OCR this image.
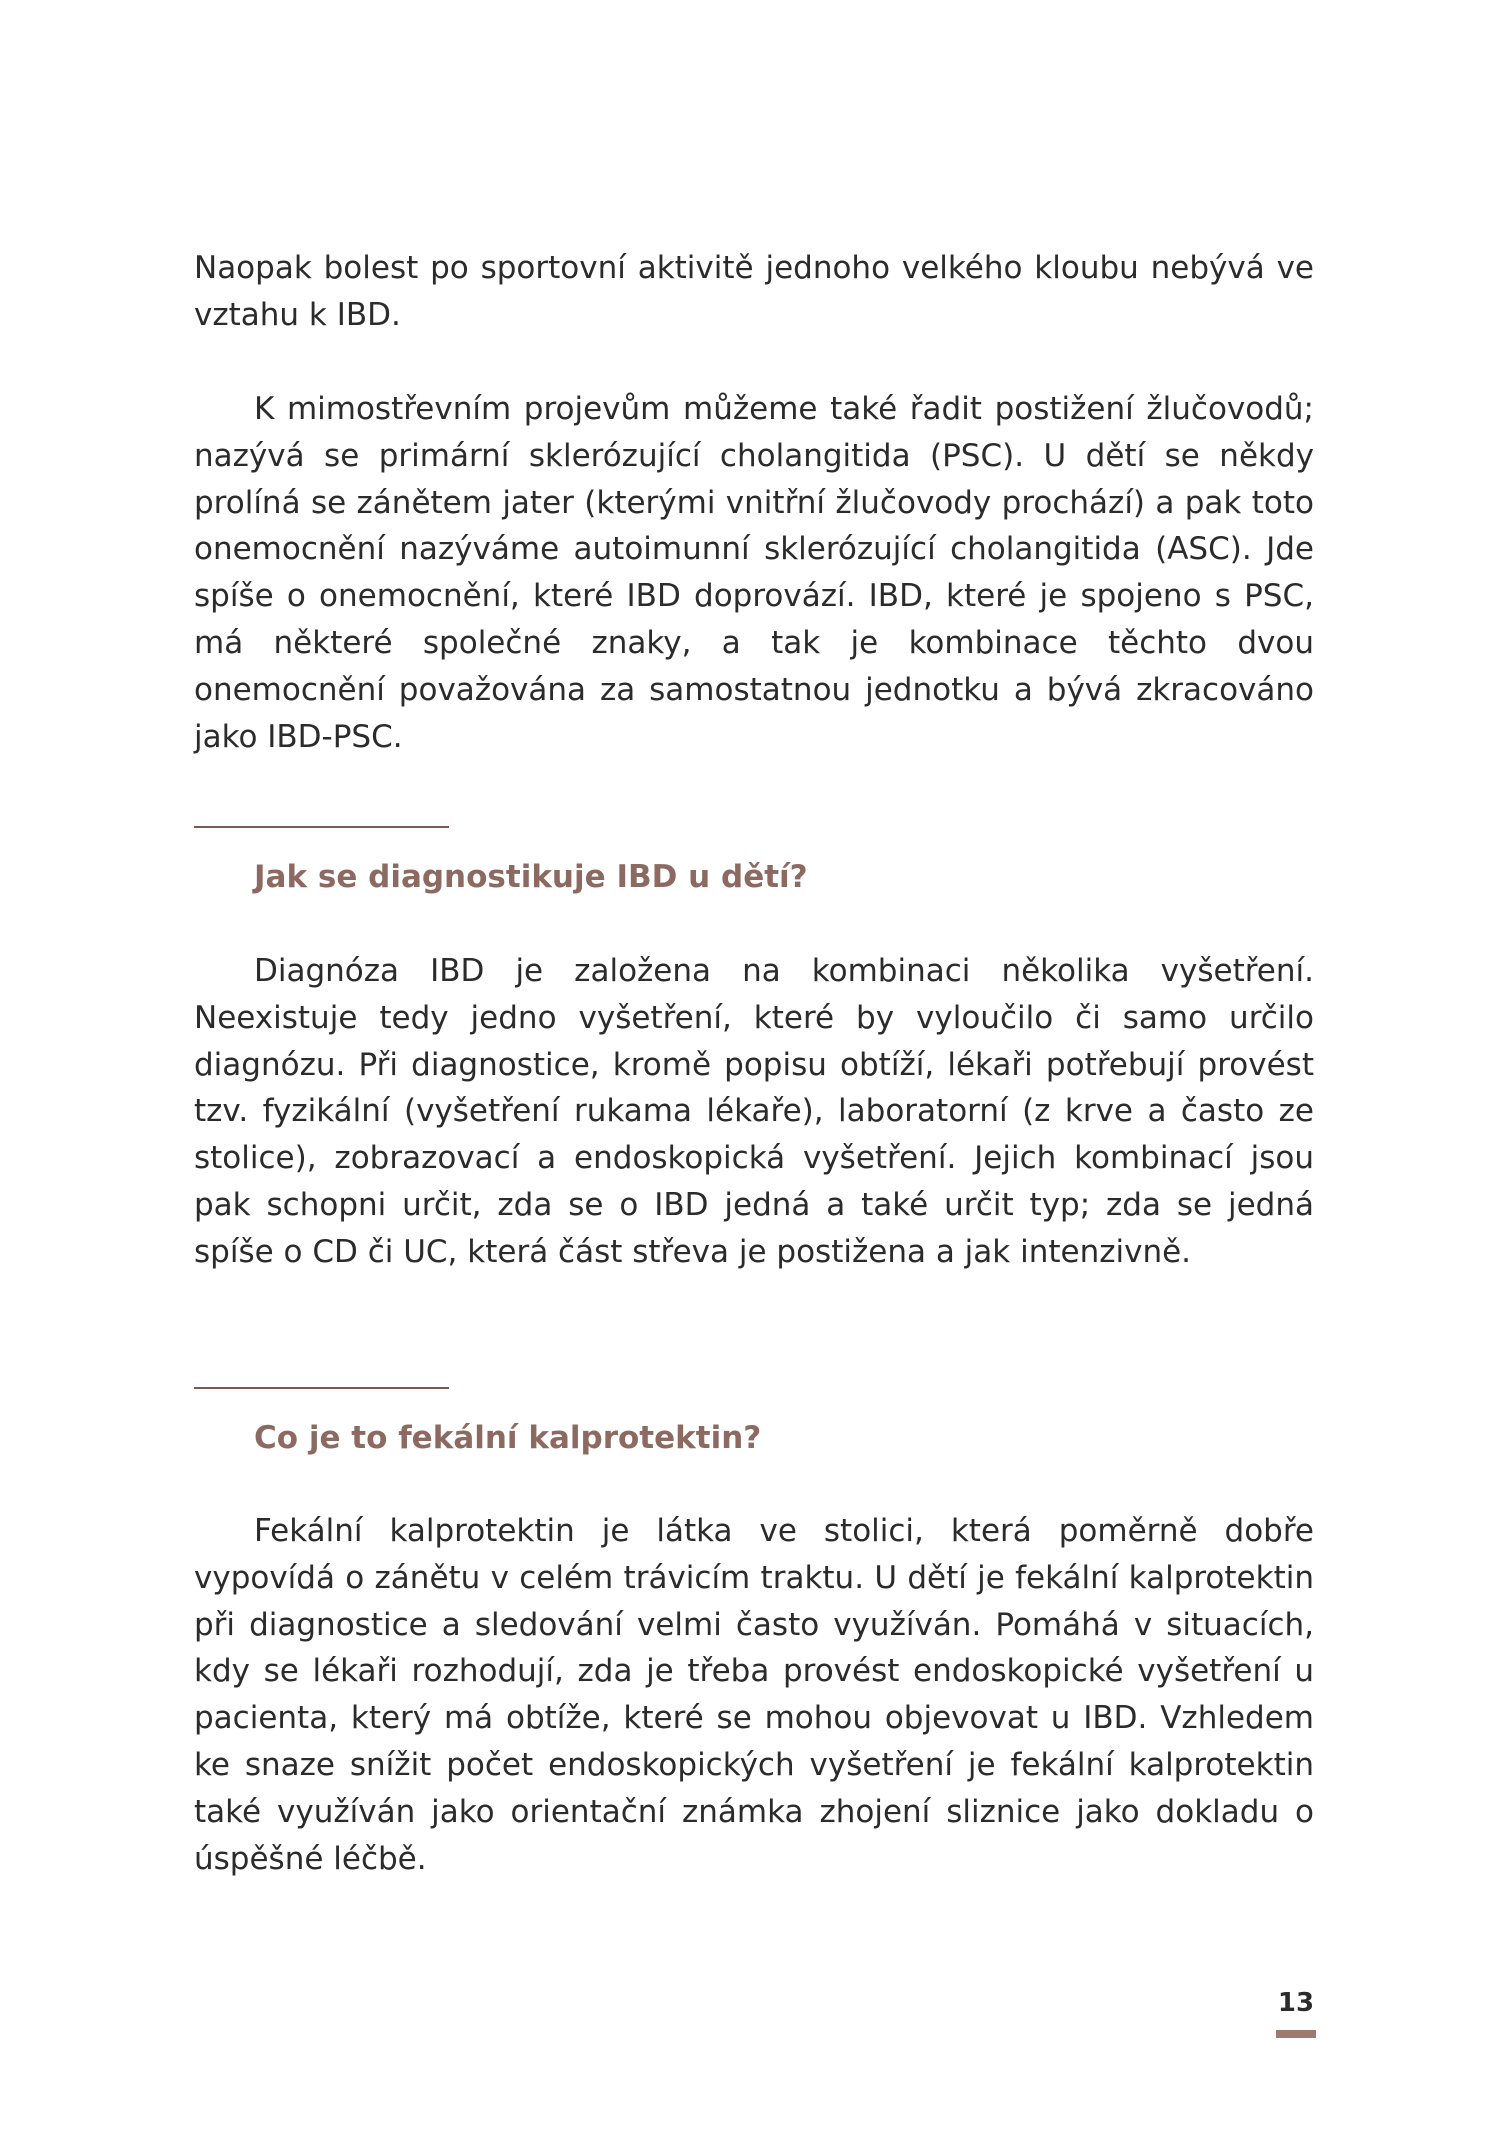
Naopak bolest po sportovní aktivitě jednoho velkého kloubu nebývá ve vztahu k IBD.

K mimostřevním projevům můžeme také řadit postižení žlučovodů; nazývá se primární sklerózující cholangitida (PSC). U dětí se někdy prolíná se zánětem jater (kterými vnitřní žlučovody prochází) a pak toto onemocnění nazýváme autoimunní sklerózující cholangitida (ASC). Jde spíše o onemocnění, které IBD doprovází. IBD, které je spojeno s PSC, má některé společné znaky, a tak je kombinace těchto dvou onemocnění považována za samostatnou jednotku a bývá zkracováno jako IBD-PSC.

Jak se diagnostikuje IBD u dětí?

Diagnóza IBD je založena na kombinaci několika vyšetření. Neexistuje tedy jedno vyšetření, které by vyloučilo či samo určilo diagnózu. Při diagnostice, kromě popisu obtíží, lékaři potřebují provést tzv. fyzikální (vyšetření rukama lékaře), laboratorní (z krve a často ze stolice), zobrazovací a endoskopická vyšetření. Jejich kombinací jsou pak schopni určit, zda se o IBD jedná a také určit typ; zda se jedná spíše o CD či UC, která část střeva je postižena a jak intenzivně.

Co je to fekální kalprotektin?

Fekální kalprotektin je látka ve stolici, která poměrně dobře vypovídá o zánětu v celém trávicím traktu. U dětí je fekální kalprotektin při diagnostice a sledování velmi často využíván. Pomáhá v situacích, kdy se lékaři rozhodují, zda je třeba provést endoskopické vyšetření u pacienta, který má obtíže, které se mohou objevovat u IBD. Vzhledem ke snaze snížit počet endoskopických vyšetření je fekální kalprotektin také využíván jako orientační známka zhojení sliznice jako dokladu o úspěšné léčbě.

13
